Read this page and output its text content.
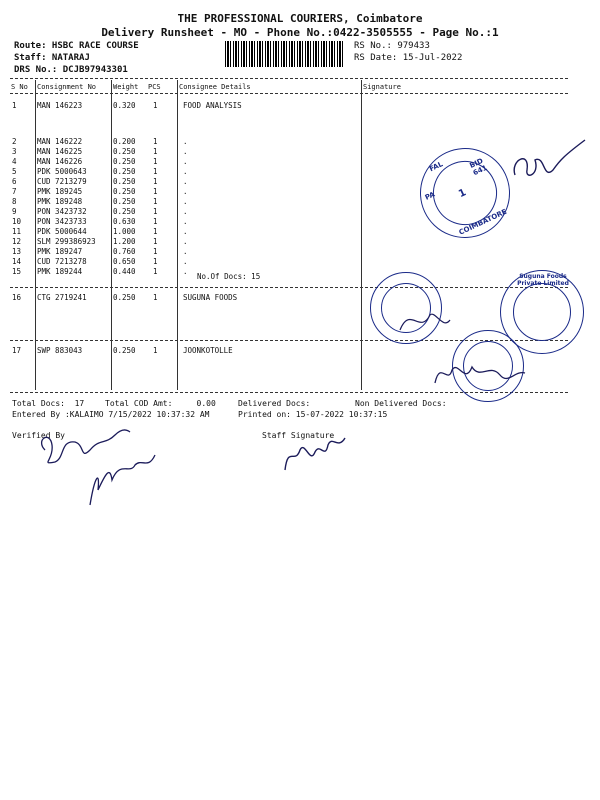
THE PROFESSIONAL COURIERS, Coimbatore
Delivery Runsheet - MO - Phone No.:0422-3505555 - Page No.:1
Route: HSBC RACE COURSE
Staff: NATARAJ
DRS No.: DCJB97943301
RS No.: 979433
RS Date: 15-Jul-2022
S No Consignment No Weight PCS	Consignee Details	Signature
1	MAN 146223	0.320 1	FOOD ANALYSIS
2	MAN 146222	0.200 1	.
3	MAN 146225	0.250 1	.
4	MAN 146226	0.250 1	.
5	PDK 5000643	0.250 1	.
6	CUD 7213279	0.250 1	.
7	PMK 189245	0.250 1	.
8	PMK 189248	0.250 1	.
9	PON 3423732	0.250 1	.
10 PON 3423733	0.630 1	.
11 PDK 5000644	1.000 1	.
12 SLM 299386923 1.200 1	.
13 PMK 189247	0.760 1	.
14 CUD 7213278	0.650 1	.
15 PMK 189244	0.440 1	.
16 CTG 2719241	0.250 1	SUGUNA FOODS
17 SWP 883043	0.250 1	JOONKOTOLLE
No.Of Docs: 15
PA
FAL	BID 641
COIMBATORE
1
Suguna Foods Private Limited
Total Docs:  17	Total COD Amt:     0.00	Delivered Docs:	Non Delivered Docs:
Entered By :KALAIMO 7/15/2022 10:37:32 AM	Printed on: 15-07-2022 10:37:15
Verified By	Staff Signature
